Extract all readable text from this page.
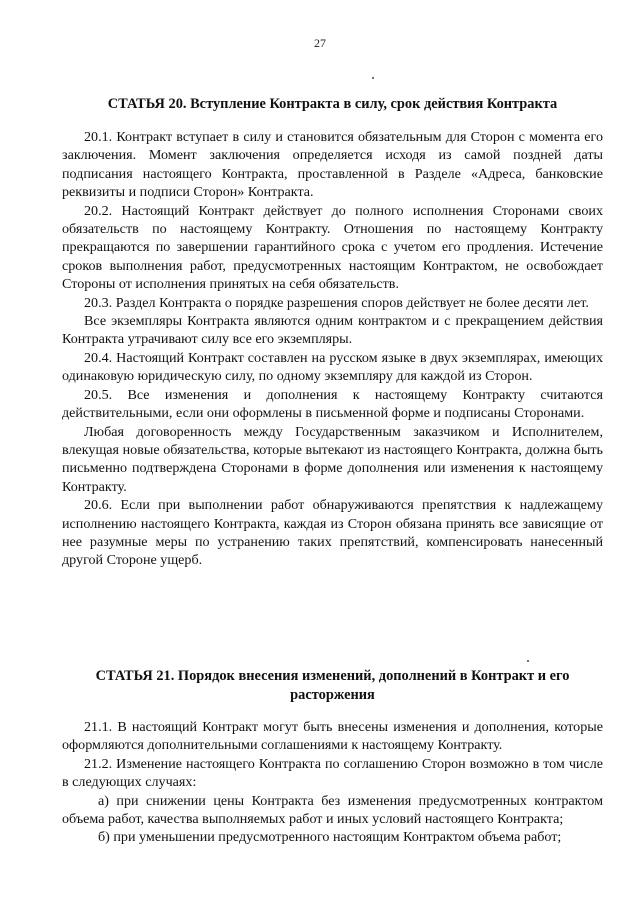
27
СТАТЬЯ 20. Вступление Контракта в силу, срок действия Контракта

20.1. Контракт вступает в силу и становится обязательным для Сторон с момента его заключения. Момент заключения определяется исходя из самой поздней даты подписания настоящего Контракта, проставленной в Разделе «Адреса, банковские реквизиты и подписи Сторон» Контракта.

20.2. Настоящий Контракт действует до полного исполнения Сторонами своих обязательств по настоящему Контракту. Отношения по настоящему Контракту прекращаются по завершении гарантийного срока с учетом его продления. Истечение сроков выполнения работ, предусмотренных настоящим Контрактом, не освобождает Стороны от исполнения принятых на себя обязательств.

20.3. Раздел Контракта о порядке разрешения споров действует не более десяти лет.

Все экземпляры Контракта являются одним контрактом и с прекращением действия Контракта утрачивают силу все его экземпляры.

20.4. Настоящий Контракт составлен на русском языке в двух экземплярах, имеющих одинаковую юридическую силу, по одному экземпляру для каждой из Сторон.

20.5. Все изменения и дополнения к настоящему Контракту считаются действительными, если они оформлены в письменной форме и подписаны Сторонами.

Любая договоренность между Государственным заказчиком и Исполнителем, влекущая новые обязательства, которые вытекают из настоящего Контракта, должна быть письменно подтверждена Сторонами в форме дополнения или изменения к настоящему Контракту.

20.6. Если при выполнении работ обнаруживаются препятствия к надлежащему исполнению настоящего Контракта, каждая из Сторон обязана принять все зависящие от нее разумные меры по устранению таких препятствий, компенсировать нанесенный другой Стороне ущерб.

СТАТЬЯ 21. Порядок внесения изменений, дополнений в Контракт и его расторжения

21.1. В настоящий Контракт могут быть внесены изменения и дополнения, которые оформляются дополнительными соглашениями к настоящему Контракту.

21.2. Изменение настоящего Контракта по соглашению Сторон возможно в том числе в следующих случаях:

а) при снижении цены Контракта без изменения предусмотренных контрактом объема работ, качества выполняемых работ и иных условий настоящего Контракта;

б) при уменьшении предусмотренного настоящим Контрактом объема работ;
